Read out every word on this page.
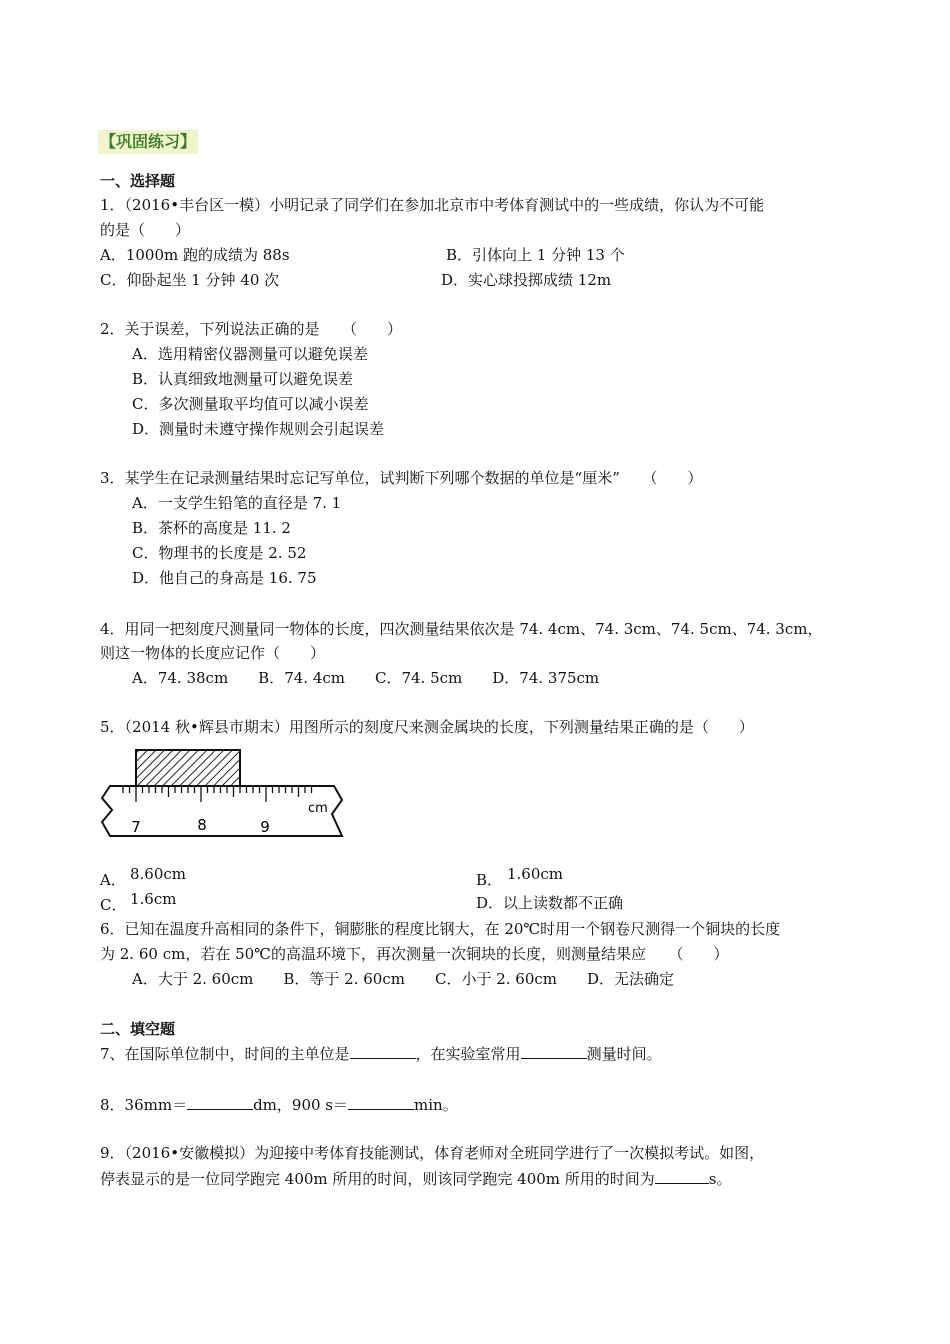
【巩固练习】
一、选择题
1．（2016•丰台区一模）小明记录了同学们在参加北京市中考体育测试中的一些成绩，你认为不可能
的是（　　）
A．1000m 跑的成绩为 88s	B．引体向上 1 分钟 13 个
C．仰卧起坐 1 分钟 40 次	D．实心球投掷成绩 12m
2．关于误差，下列说法正确的是　　（　　）
A．选用精密仪器测量可以避免误差
B．认真细致地测量可以避免误差
C．多次测量取平均值可以减小误差
D．测量时未遵守操作规则会引起误差
3．某学生在记录测量结果时忘记写单位，试判断下列哪个数据的单位是“厘米”　　（　　）
A．一支学生铅笔的直径是 7. 1
B．茶杯的高度是 11. 2
C．物理书的长度是 2. 52
D．他自己的身高是 16. 75
4．用同一把刻度尺测量同一物体的长度，四次测量结果依次是 74. 4cm、74. 3cm、74. 5cm、74. 3cm，
则这一物体的长度应记作（　　）
A．74. 38cm　　B．74. 4cm　　C．74. 5cm　　D．74. 375cm
5．（2014 秋•辉县市期末）用图所示的刻度尺来测金属块的长度，下列测量结果正确的是（　　）
7	8	9
cm
A． 8.60cm	B． 1.60cm
C． 1.6cm	D．以上读数都不正确
6．已知在温度升高相同的条件下，铜膨胀的程度比钢大，在 20℃时用一个钢卷尺测得一个铜块的长度
为 2. 60 cm，若在 50℃的高温环境下，再次测量一次铜块的长度，则测量结果应　　（　　）
A．大于 2. 60cm　　B．等于 2. 60cm　　C．小于 2. 60cm　　D．无法确定
二、填空题
7、在国际单位制中，时间的主单位是	，在实验室常用	测量时间。
8．36mm＝	dm，900 s＝	min。
9．（2016•安徽模拟）为迎接中考体育技能测试，体育老师对全班同学进行了一次模拟考试。如图，
停表显示的是一位同学跑完 400m 所用的时间，则该同学跑完 400m 所用的时间为	s。
